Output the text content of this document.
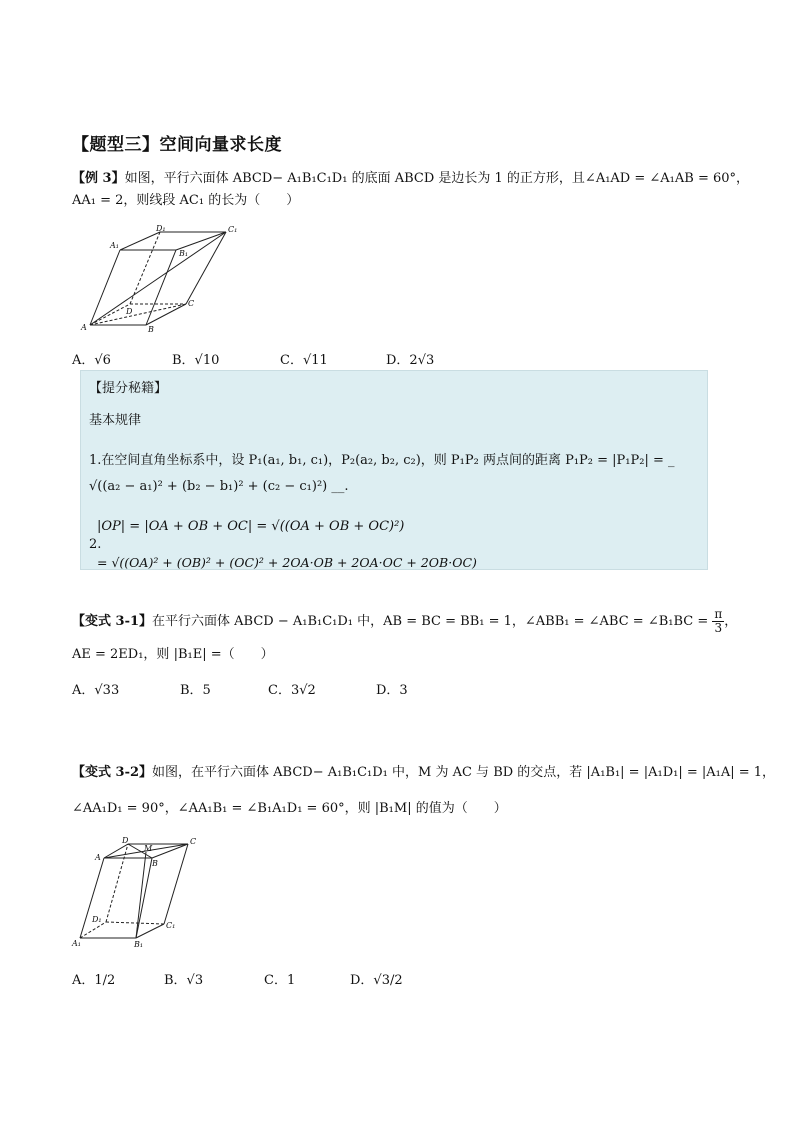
【题型三】空间向量求长度
【例 3】如图，平行六面体 ABCD− A₁B₁C₁D₁ 的底面 ABCD 是边长为 1 的正方形，且∠A₁AD = ∠A₁AB = 60°，
AA₁ = 2，则线段 AC₁ 的长为（　　）
A₁
D₁	C₁
B₁
D
C
A	B
A．√6	B．√10	C．√11	D．2√3
【提分秘籍】
基本规律
1.在空间直角坐标系中，设 P₁(a₁, b₁, c₁)，P₂(a₂, b₂, c₂)，则 P₁P₂ 两点间的距离 P₁P₂ = |P₁P₂| = _
√((a₂ − a₁)² + (b₂ − b₁)² + (c₂ − c₁)²) __.
|OP| = |OA + OB + OC| = √((OA + OB + OC)²)
2.
= √((OA)² + (OB)² + (OC)² + 2OA·OB + 2OA·OC + 2OB·OC)
【变式 3-1】在平行六面体 ABCD − A₁B₁C₁D₁ 中，AB = BC = BB₁ = 1，∠ABB₁ = ∠ABC = ∠B₁BC = $\frac{\pi}{3}$ ，
AE = 2ED₁，则 |B₁E| =（　　）
A．√33	B．5	C．3√2	D．3
【变式 3-2】如图，在平行六面体 ABCD− A₁B₁C₁D₁ 中，M 为 AC 与 BD 的交点，若 |A₁B₁| = |A₁D₁| = |A₁A| = 1，
∠AA₁D₁ = 90°，∠AA₁B₁ = ∠B₁A₁D₁ = 60°，则 |B₁M| 的值为（　　）
D
M
C
A
B
D₁
C₁
A₁	B₁
A．1/2	B．√3	C．1	D．√3/2
